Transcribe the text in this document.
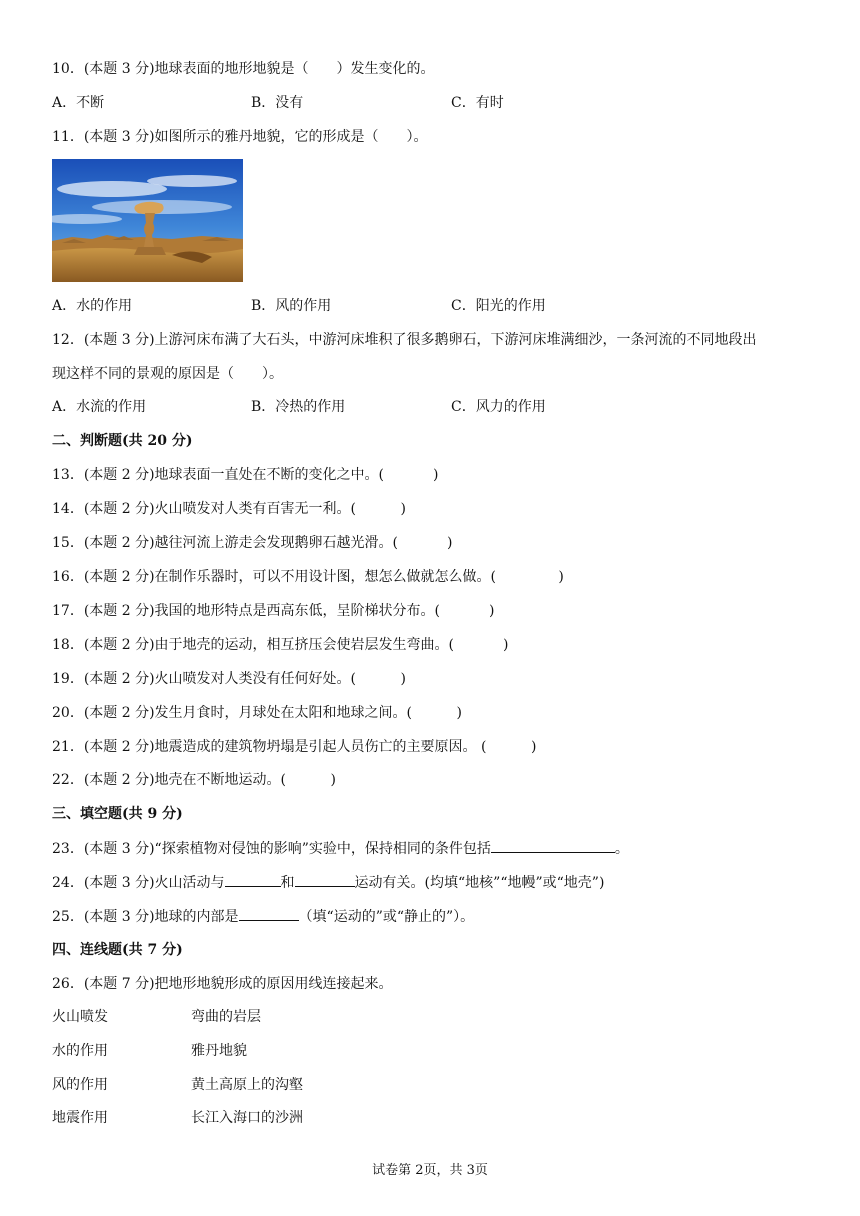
10．(本题 3 分)地球表面的地形地貌是（　　）发生变化的。
A．不断	B．没有	C．有时
11．(本题 3 分)如图所示的雅丹地貌，它的形成是（　　）。
A．水的作用	B．风的作用	C．阳光的作用
12．(本题 3 分)上游河床布满了大石头，中游河床堆积了很多鹅卵石，下游河床堆满细沙，一条河流的不同地段出
现这样不同的景观的原因是（　　）。
A．水流的作用	B．冷热的作用	C．风力的作用
二、判断题(共 20 分)
13．(本题 2 分)地球表面一直处在不断的变化之中。(	)
14．(本题 2 分)火山喷发对人类有百害无一利。(	)
15．(本题 2 分)越往河流上游走会发现鹅卵石越光滑。(	)
16．(本题 2 分)在制作乐器时，可以不用设计图，想怎么做就怎么做。(	)
17．(本题 2 分)我国的地形特点是西高东低，呈阶梯状分布。(	)
18．(本题 2 分)由于地壳的运动，相互挤压会使岩层发生弯曲。(	)
19．(本题 2 分)火山喷发对人类没有任何好处。(	)
20．(本题 2 分)发生月食时，月球处在太阳和地球之间。(	)
21．(本题 2 分)地震造成的建筑物坍塌是引起人员伤亡的主要原因。 (	)
22．(本题 2 分)地壳在不断地运动。(	)
三、填空题(共 9 分)
23．(本题 3 分)“探索植物对侵蚀的影响”实验中，保持相同的条件包括	。
24．(本题 3 分)火山活动与	和	运动有关。(均填“地核”“地幔”或“地壳”)
25．(本题 3 分)地球的内部是	（填“运动的”或“静止的”）。
四、连线题(共 7 分)
26．(本题 7 分)把地形地貌形成的原因用线连接起来。
火山喷发	弯曲的岩层
水的作用	雅丹地貌
风的作用	黄土高原上的沟壑
地震作用	长江入海口的沙洲
试卷第 2页，共 3页
